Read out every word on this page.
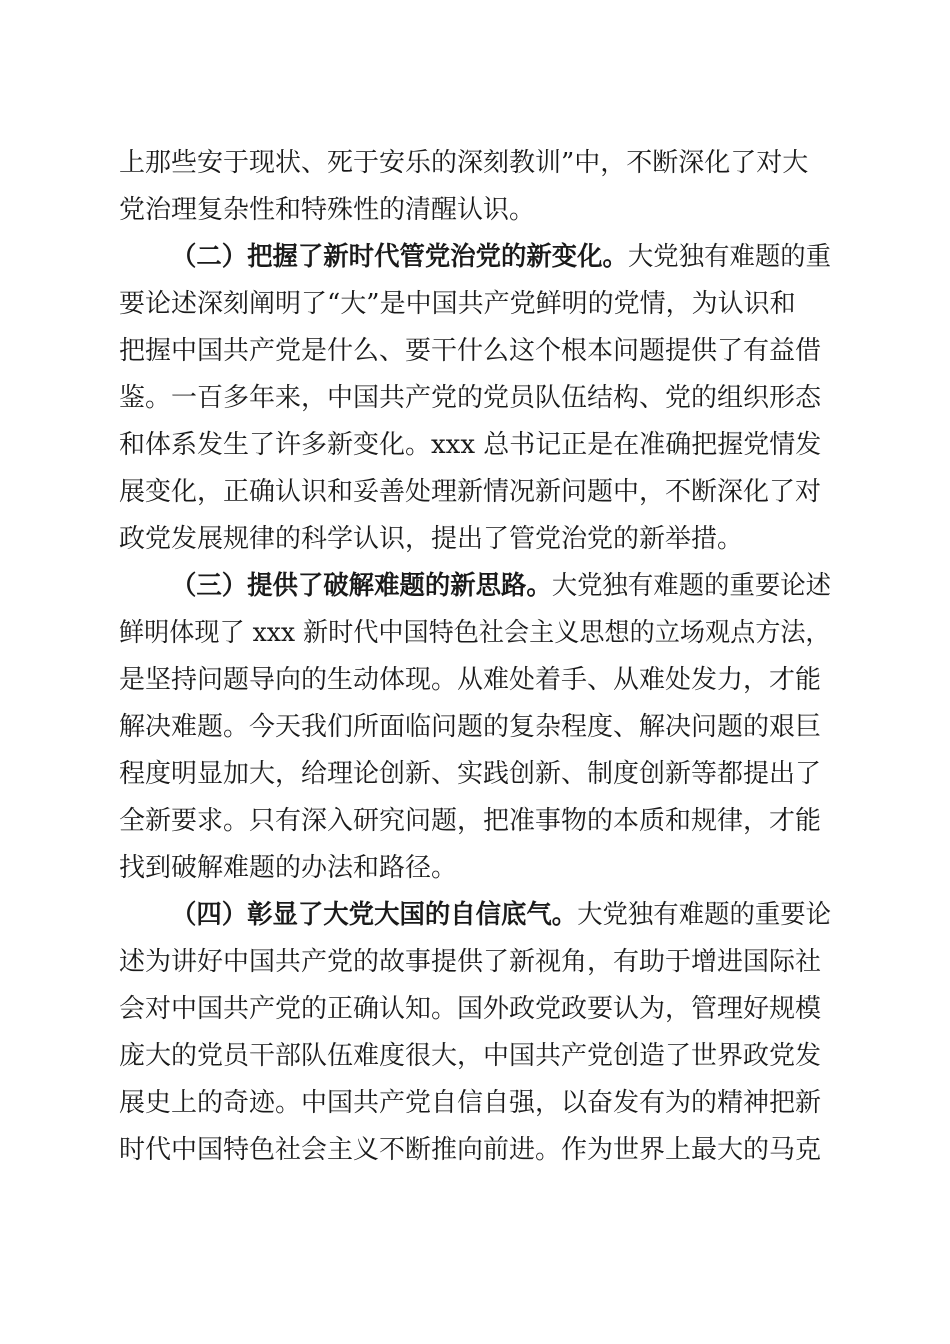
上那些安于现状、死于安乐的深刻教训”中，不断深化了对大
党治理复杂性和特殊性的清醒认识。
（二）把握了新时代管党治党的新变化。大党独有难题的重
要论述深刻阐明了“大”是中国共产党鲜明的党情，为认识和
把握中国共产党是什么、要干什么这个根本问题提供了有益借
鉴。一百多年来，中国共产党的党员队伍结构、党的组织形态
和体系发生了许多新变化。xxx 总书记正是在准确把握党情发
展变化，正确认识和妥善处理新情况新问题中，不断深化了对
政党发展规律的科学认识，提出了管党治党的新举措。
（三）提供了破解难题的新思路。大党独有难题的重要论述
鲜明体现了 xxx 新时代中国特色社会主义思想的立场观点方法，
是坚持问题导向的生动体现。从难处着手、从难处发力，才能
解决难题。今天我们所面临问题的复杂程度、解决问题的艰巨
程度明显加大，给理论创新、实践创新、制度创新等都提出了
全新要求。只有深入研究问题，把准事物的本质和规律，才能
找到破解难题的办法和路径。
（四）彰显了大党大国的自信底气。大党独有难题的重要论
述为讲好中国共产党的故事提供了新视角，有助于增进国际社
会对中国共产党的正确认知。国外政党政要认为，管理好规模
庞大的党员干部队伍难度很大，中国共产党创造了世界政党发
展史上的奇迹。中国共产党自信自强，以奋发有为的精神把新
时代中国特色社会主义不断推向前进。作为世界上最大的马克
